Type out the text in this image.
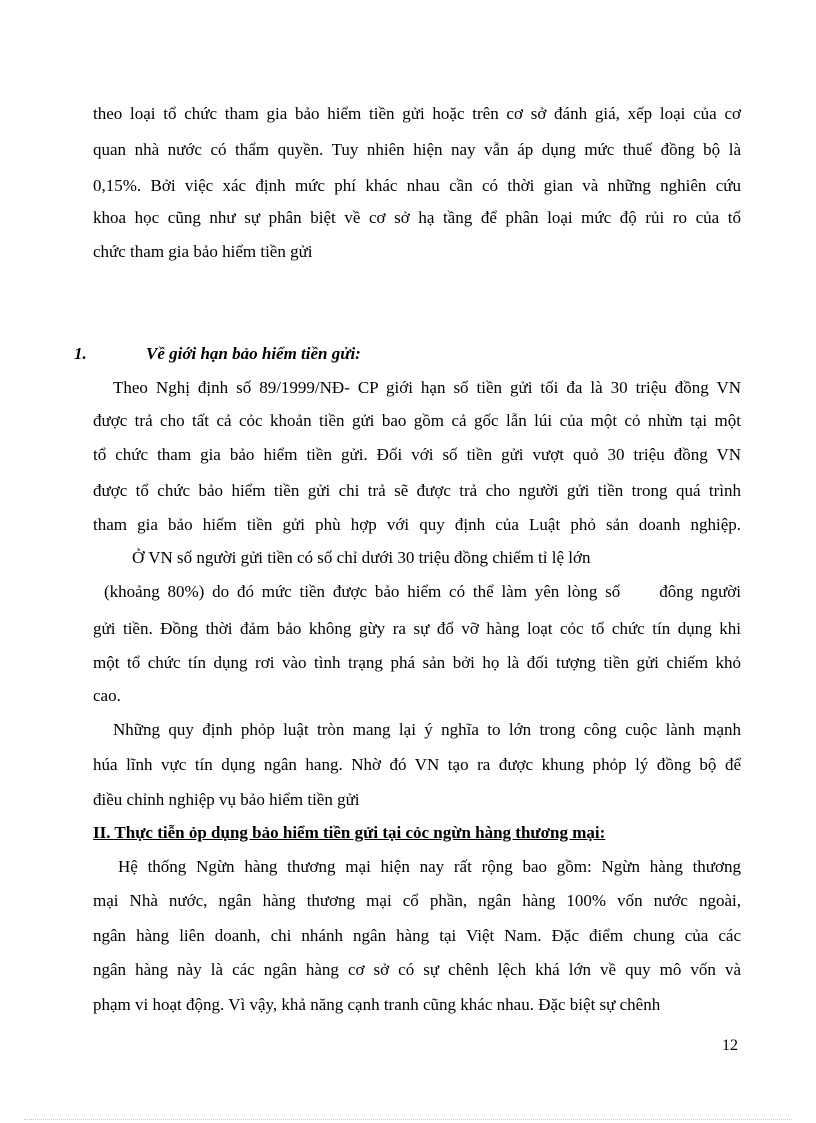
theo loại tổ chức tham gia bảo hiểm tiền gửi hoặc trên cơ sở đánh giá, xếp loại của cơ
quan nhà nước có thẩm quyền. Tuy nhiên hiện nay vẫn áp dụng mức thuế đồng bộ là
0,15%. Bởi việc xác định mức phí khác nhau cần có thời gian và những nghiên cứu
khoa học cũng như sự phân biệt về cơ sở hạ tầng để phân loại mức độ rủi ro của tổ
chức tham gia bảo hiểm tiền gửi
1.	Về giới hạn bảo hiểm tiền gửi:
Theo Nghị định số 89/1999/NĐ- CP giới hạn số tiền gửi tối đa là 30 triệu đồng VN
được trả cho tất cả cỏc khoản tiền gửi bao gồm cả gốc lẫn lúi của một cỏ nhừn tại một
tổ chức tham gia bảo hiểm tiền gửi. Đối với số tiền gửi vượt quỏ 30 triệu đồng VN
được tổ chức bảo hiểm tiền gửi chi trả sẽ được trả cho người gửi tiền trong quá trình
tham gia bảo hiểm tiền gửi phù hợp với quy định của Luật phỏ sản doanh nghiệp.
Ở VN số người gửi tiền có số chỉ dưới 30 triệu đồng chiếm tỉ lệ lớn
(khoảng 80%) do đó mức tiền được bảo hiểm có thể làm yên lòng số     đông người
gửi tiền. Đồng thời đảm bảo không gừy ra sự đổ vỡ hàng loạt cỏc tổ chức tín dụng khi
một tổ chức tín dụng rơi vào tình trạng phá sản bởi họ là đối tượng tiền gửi chiếm khỏ
cao.
Những quy định phỏp luật tròn mang lại ý nghĩa to lớn trong công cuộc lành mạnh
húa lĩnh vực tín dụng ngân hang. Nhờ đó VN tạo ra được khung phỏp lý đồng bộ để
điều chỉnh nghiệp vụ bảo hiểm tiền gửi
II. Thực tiễn ỏp dụng bảo hiểm tiền gửi tại cỏc ngừn hàng thương mại:
Hệ thống Ngừn hàng thương mại hiện nay rất rộng bao gồm: Ngừn hàng thương
mại Nhà nước, ngân hàng thương mại cổ phần, ngân hàng 100% vốn nước ngoài,
ngân hàng liên doanh, chi nhánh ngân hàng tại Việt Nam. Đặc điểm chung của các
ngân hàng này là các ngân hàng cơ sở có sự chênh lệch khá lớn về quy mô vốn và
phạm vi hoạt động. Vì vậy, khả năng cạnh tranh cũng khác nhau. Đặc biệt sự chênh
12
